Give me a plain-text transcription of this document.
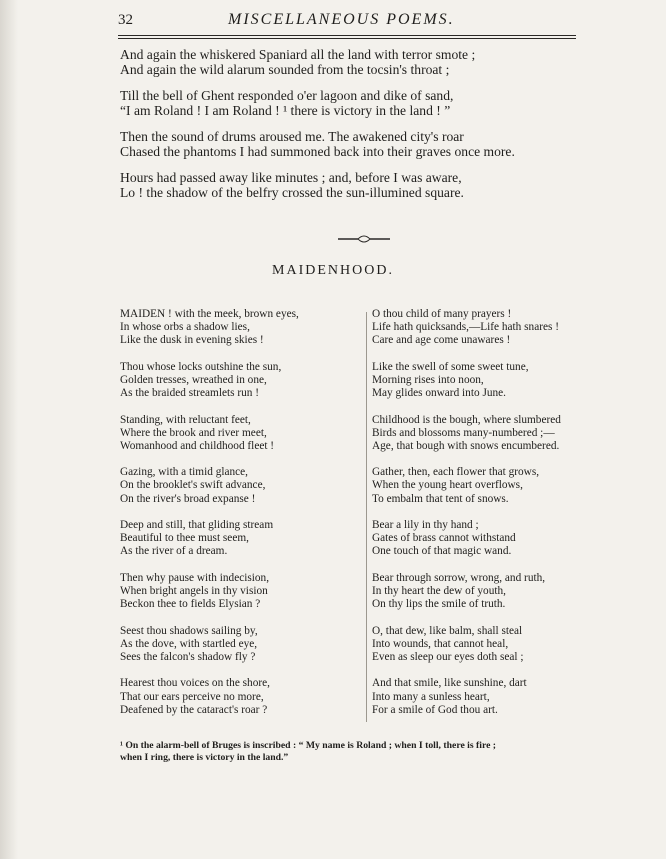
32	MISCELLANEOUS POEMS.
And again the whiskered Spaniard all the land with terror smote ;
And again the wild alarum sounded from the tocsin's throat ;
Till the bell of Ghent responded o'er lagoon and dike of sand,
“I am Roland ! I am Roland ! ¹ there is victory in the land ! ”
Then the sound of drums aroused me. The awakened city's roar
Chased the phantoms I had summoned back into their graves once more.
Hours had passed away like minutes ; and, before I was aware,
Lo ! the shadow of the belfry crossed the sun-illumined square.
MAIDENHOOD.
MAIDEN ! with the meek, brown eyes,
In whose orbs a shadow lies,
Like the dusk in evening skies !
Thou whose locks outshine the sun,
Golden tresses, wreathed in one,
As the braided streamlets run !
Standing, with reluctant feet,
Where the brook and river meet,
Womanhood and childhood fleet !
Gazing, with a timid glance,
On the brooklet's swift advance,
On the river's broad expanse !
Deep and still, that gliding stream
Beautiful to thee must seem,
As the river of a dream.
Then why pause with indecision,
When bright angels in thy vision
Beckon thee to fields Elysian ?
Seest thou shadows sailing by,
As the dove, with startled eye,
Sees the falcon's shadow fly ?
Hearest thou voices on the shore,
That our ears perceive no more,
Deafened by the cataract's roar ?
O thou child of many prayers !
Life hath quicksands,—Life hath snares !
Care and age come unawares !
Like the swell of some sweet tune,
Morning rises into noon,
May glides onward into June.
Childhood is the bough, where slumbered
Birds and blossoms many-numbered ;—
Age, that bough with snows encumbered.
Gather, then, each flower that grows,
When the young heart overflows,
To embalm that tent of snows.
Bear a lily in thy hand ;
Gates of brass cannot withstand
One touch of that magic wand.
Bear through sorrow, wrong, and ruth,
In thy heart the dew of youth,
On thy lips the smile of truth.
O, that dew, like balm, shall steal
Into wounds, that cannot heal,
Even as sleep our eyes doth seal ;
And that smile, like sunshine, dart
Into many a sunless heart,
For a smile of God thou art.
¹ On the alarm-bell of Bruges is inscribed : “ My name is Roland ; when I toll, there is fire ;
when I ring, there is victory in the land.”
